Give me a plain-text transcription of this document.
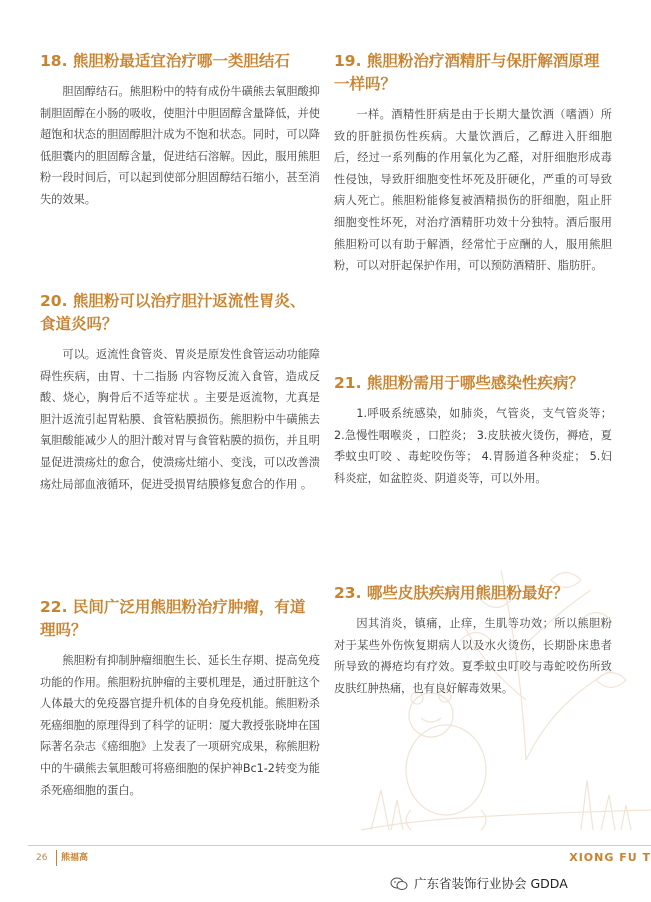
18. 熊胆粉最适宜治疗哪一类胆结石

胆固醇结石。熊胆粉中的特有成份牛磺熊去氧胆酸抑制胆固醇在小肠的吸收，使胆汁中胆固醇含量降低，并使超饱和状态的胆固醇胆汁成为不饱和状态。同时，可以降低胆囊内的胆固醇含量，促进结石溶解。因此，服用熊胆粉一段时间后，可以起到使部分胆固醇结石缩小，甚至消失的效果。

19. 熊胆粉治疗酒精肝与保肝解酒原理一样吗？

一样。酒精性肝病是由于长期大量饮酒（嗜酒）所致的肝脏损伤性疾病。大量饮酒后，乙醇进入肝细胞后，经过一系列酶的作用氧化为乙醛，对肝细胞形成毒性侵蚀，导致肝细胞变性坏死及肝硬化，严重的可导致病人死亡。熊胆粉能修复被酒精损伤的肝细胞，阻止肝细胞变性坏死，对治疗酒精肝功效十分独特。酒后服用熊胆粉可以有助于解酒，经常忙于应酬的人，服用熊胆粉，可以对肝起保护作用，可以预防酒精肝、脂肪肝。

20. 熊胆粉可以治疗胆汁返流性胃炎、食道炎吗？

可以。返流性食管炎、胃炎是原发性食管运动功能障碍性疾病，由胃、十二指肠 内容物反流入食管，造成反酸、烧心，胸骨后不适等症状 。主要是返流物，尤真是胆汁返流引起胃粘膜、食管粘膜损伤。熊胆粉中牛磺熊去氧胆酸能减少人的胆汁酸对胃与食管粘膜的损伤，并且明显促进溃疡灶的愈合，使溃疡灶缩小、变浅，可以改善溃疡灶局部血液循环，促进受损胃结膜修复愈合的作用 。

21. 熊胆粉需用于哪些感染性疾病？

1.呼吸系统感染，如肺炎，气管炎，支气管炎等； 2.急慢性咽喉炎 ，口腔炎； 3.皮肤被火烫伤，褥疮，夏季蚊虫叮咬 、毒蛇咬伤等； 4.胃肠道各种炎症； 5.妇科炎症，如盆腔炎、阴道炎等，可以外用。

22. 民间广泛用熊胆粉治疗肿瘤，有道理吗？

熊胆粉有抑制肿瘤细胞生长、延长生存期、提高免疫功能的作用。熊胆粉抗肿瘤的主要机理是，通过肝脏这个人体最大的免疫器官提升机体的自身免疫机能。熊胆粉杀死癌细胞的原理得到了科学的证明：厦大教授张晓坤在国际著名杂志《癌细胞》上发表了一项研究成果，称熊胆粉中的牛磺熊去氧胆酸可将癌细胞的保护神Bc1-2转变为能杀死癌细胞的蛋白。

23. 哪些皮肤疾病用熊胆粉最好？

因其消炎，镇痛，止痒，生肌等功效；所以熊胆粉对于某些外伤恢复期病人以及水火烫伤，长期卧床患者所导致的褥疮均有疗效。夏季蚊虫叮咬与毒蛇咬伤所致皮肤红肿热痛，也有良好解毒效果。

26	熊福高	XIONG FU T
广东省装饰行业协会 GDDA
